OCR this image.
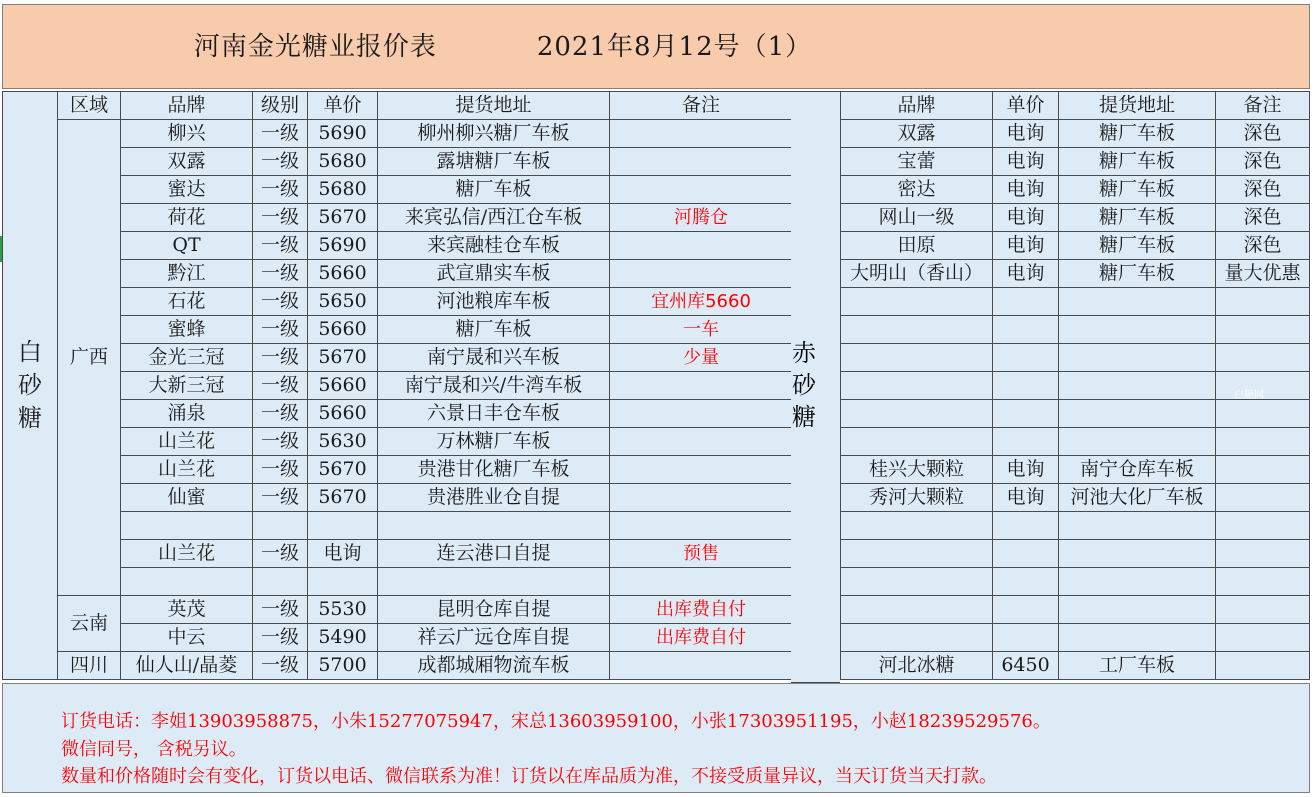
河南金光糖业报价表	2021年8月12号（1）
白砂糖	区域	品牌	级别	单价	提货地址	备注
	广西	柳兴	一级	5690	柳州柳兴糖厂车板	
		双露	一级	5680	露塘糖厂车板	
		蜜达	一级	5680	糖厂车板	
		荷花	一级	5670	来宾弘信/西江仓车板	河腾仓
		QT	一级	5690	来宾融桂仓车板	
		黔江	一级	5660	武宣鼎实车板	
		石花	一级	5650	河池粮库车板	宜州库5660
		蜜蜂	一级	5660	糖厂车板	一车
		金光三冠	一级	5670	南宁晟和兴车板	少量
		大新三冠	一级	5660	南宁晟和兴/牛湾车板	
		涌泉	一级	5660	六景日丰仓车板	
		山兰花	一级	5630	万林糖厂车板	
		山兰花	一级	5670	贵港甘化糖厂车板	
		仙蜜	一级	5670	贵港胜业仓自提	

		山兰花	一级	电询	连云港口自提	预售

	云南	英茂	一级	5530	昆明仓库自提	出库费自付
		中云	一级	5490	祥云广远仓库自提	出库费自付
	四川	仙人山/晶菱	一级	5700	成都城厢物流车板	
赤砂糖
品牌	单价	提货地址	备注
双露	电询	糖厂车板	深色
宝蕾	电询	糖厂车板	深色
密达	电询	糖厂车板	深色
网山一级	电询	糖厂车板	深色
田原	电询	糖厂车板	深色
大明山（香山）	电询	糖厂车板	量大优惠

桂兴大颗粒	电询	南宁仓库车板	
秀河大颗粒	电询	河池大化厂车板	

河北冰糖	6450	工厂车板	
白糖网
订货电话：李姐13903958875，小朱15277075947，宋总13603959100，小张17303951195，小赵18239529576。
微信同号， 含税另议。
数量和价格随时会有变化，订货以电话、微信联系为准！订货以在库品质为准，不接受质量异议，当天订货当天打款。
